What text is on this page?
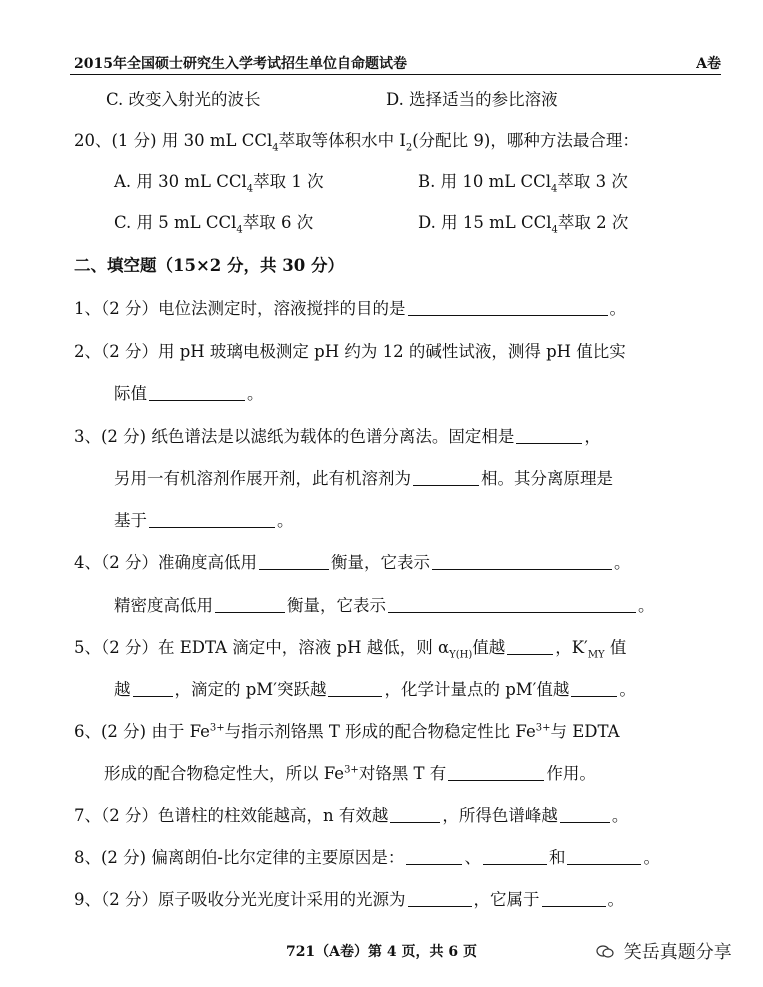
2015年全国硕士研究生入学考试招生单位自命题试卷	A卷
C. 改变入射光的波长	D. 选择适当的参比溶液
20、(1 分) 用 30 mL CCl$_4$萃取等体积水中 $I_2$(分配比 9)，哪种方法最合理：
A. 用 30 mL CCl$_4$萃取 1 次	B. 用 10 mL CCl$_4$萃取 3 次
C. 用 5 mL CCl$_4$萃取 6 次	D. 用 15 mL CCl$_4$萃取 2 次
二、填空题（15×2 分，共 30 分）
1、（2 分）电位法测定时，溶液搅拌的目的是	。
2、（2 分）用 pH 玻璃电极测定 pH 约为 12 的碱性试液，测得 pH 值比实
际值	。
3、(2 分) 纸色谱法是以滤纸为载体的色谱分离法。固定相是	，
另用一有机溶剂作展开剂，此有机溶剂为	相。其分离原理是
基于	。
4、（2 分）准确度高低用	衡量，它表示	。
精密度高低用	衡量，它表示	。
5、（2 分）在 EDTA 滴定中，溶液 pH 越低，则 $\alpha_{Y(H)}$值越	，$K'_{MY}$ 值
越	，滴定的 pM′突跃越	，化学计量点的 pM′值越	。
6、(2 分) 由于 $Fe^{3+}$与指示剂铬黑 T 形成的配合物稳定性比 $Fe^{3+}$与 EDTA
形成的配合物稳定性大，所以 $Fe^{3+}$对铬黑 T 有	作用。
7、（2 分）色谱柱的柱效能越高，n 有效越	，所得色谱峰越	。
8、(2 分) 偏离朗伯-比尔定律的主要原因是：	、	和	。
9、（2 分）原子吸收分光光度计采用的光源为	，它属于	。
721（A卷）第 4 页，共 6 页	笑岳真题分享
